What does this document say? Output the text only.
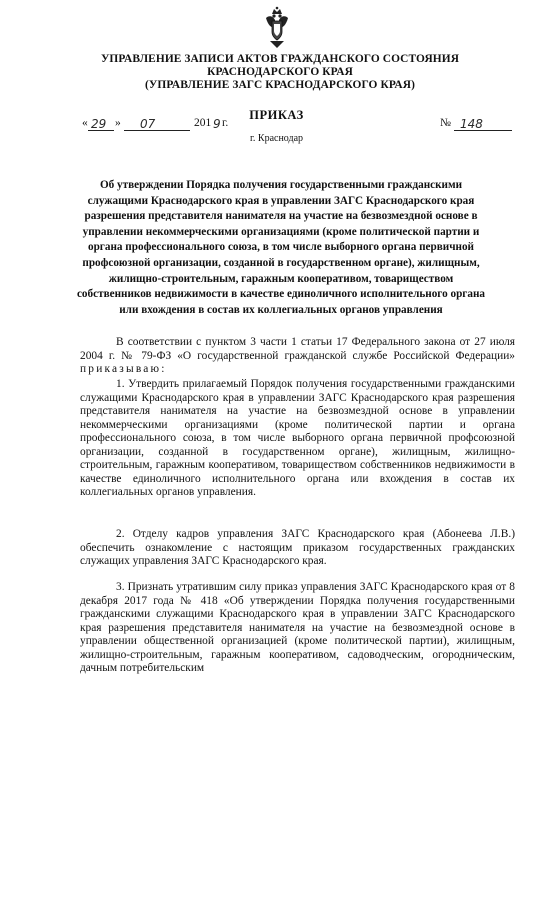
УПРАВЛЕНИЕ ЗАПИСИ АКТОВ ГРАЖДАНСКОГО СОСТОЯНИЯ
КРАСНОДАРСКОГО КРАЯ
(УПРАВЛЕНИЕ ЗАГС КРАСНОДАРСКОГО КРАЯ)
ПРИКАЗ
« 29 » 07	201 9 г.	№ 148
г. Краснодар
Об утверждении Порядка получения государственными гражданскими служащими Краснодарского края в управлении ЗАГС Краснодарского края разрешения представителя нанимателя на участие на безвозмездной основе в управлении некоммерческими организациями (кроме политической партии и органа профессионального союза, в том числе выборного органа первичной профсоюзной организации, созданной в государственном органе), жилищным, жилищно-строительным, гаражным кооперативом, товариществом собственников недвижимости в качестве единоличного исполнительного органа или вхождения в состав их коллегиальных органов управления

В соответствии с пунктом 3 части 1 статьи 17 Федерального закона от 27 июля 2004 г. № 79-ФЗ «О государственной гражданской службе Российской Федерации» приказываю:

1. Утвердить прилагаемый Порядок получения государственными гражданскими служащими Краснодарского края в управлении ЗАГС Краснодарского края разрешения представителя нанимателя на участие на безвозмездной основе в управлении некоммерческими организациями (кроме политической партии и органа профессионального союза, в том числе выборного органа первичной профсоюзной организации, созданной в государственном органе), жилищным, жилищно-строительным, гаражным кооперативом, товариществом собственников недвижимости в качестве единоличного исполнительного органа или вхождения в состав их коллегиальных органов управления.

2. Отделу кадров управления ЗАГС Краснодарского края (Абонеева Л.В.) обеспечить ознакомление с настоящим приказом государственных гражданских служащих управления ЗАГС Краснодарского края.

3. Признать утратившим силу приказ управления ЗАГС Краснодарского края от 8 декабря 2017 года № 418 «Об утверждении Порядка получения государственными гражданскими служащими Краснодарского края в управлении ЗАГС Краснодарского края разрешения представителя нанимателя на участие на безвозмездной основе в управлении общественной организацией (кроме политической партии), жилищным, жилищно-строительным, гаражным кооперативом, садоводческим, огородническим, дачным потребительским
